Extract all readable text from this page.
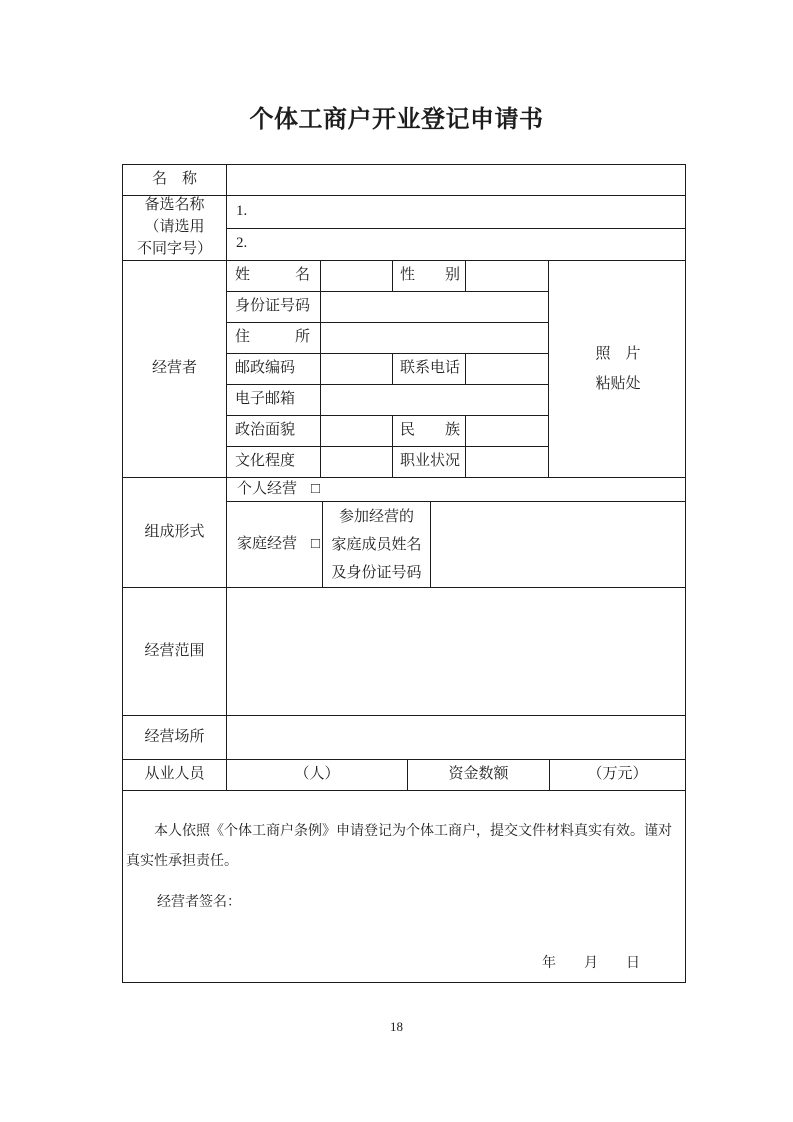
个体工商户开业登记申请书
名　称
备选名称
（请选用
不同字号）
1.
2.
经营者
姓　名	性　别
身份证号码
住　所
邮政编码	联系电话
电子邮箱
政治面貌	民　族
文化程度	职业状况
照　片
粘贴处
组成形式
个人经营 □
家庭经营 □
参加经营的
家庭成员姓名
及身份证号码
经营范围
经营场所
从业人员	（人）	资金数额	（万元）

本人依照《个体工商户条例》申请登记为个体工商户，提交文件材料真实有效。谨对真实性承担责任。

经营者签名：
年　　月　　日
18
